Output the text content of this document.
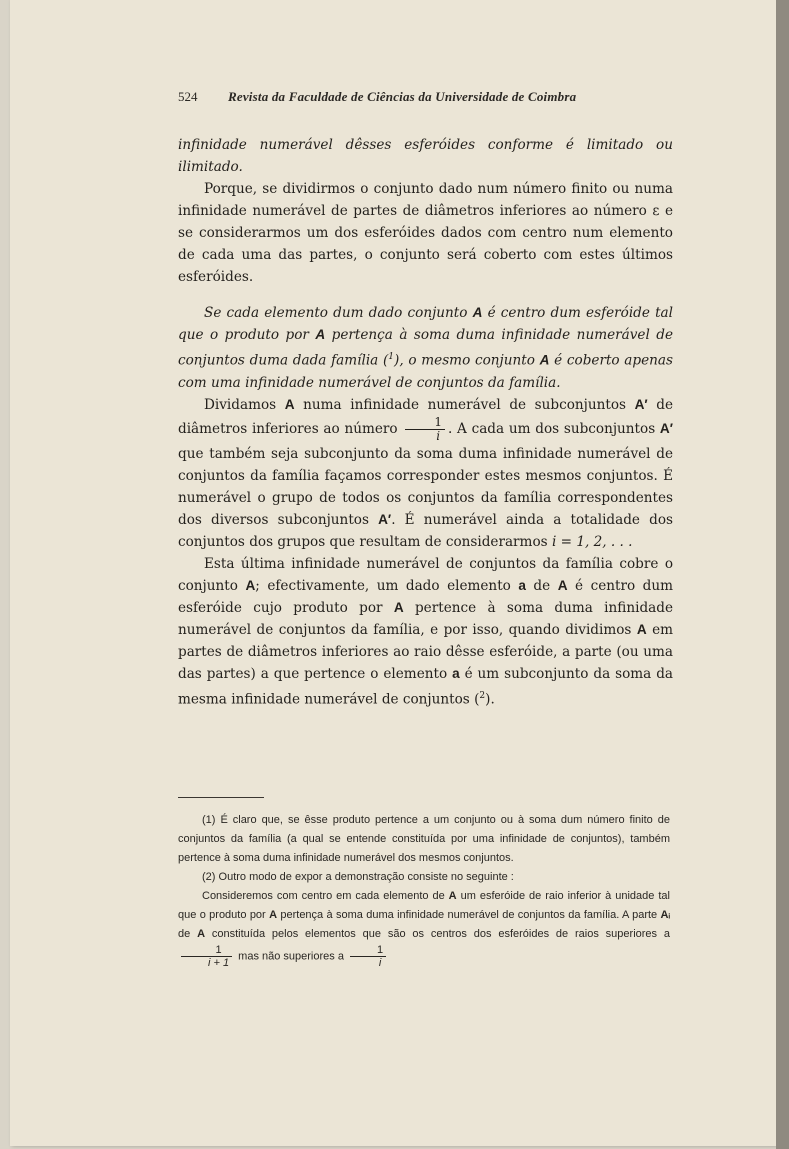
524 Revista da Faculdade de Ciências da Universidade de Coimbra

infinidade numerável dêsses esferóides conforme é limitado ou ilimitado.

Porque, se dividirmos o conjunto dado num número finito ou numa infinidade numerável de partes de diâmetros inferiores ao número ε e se considerarmos um dos esferóides dados com centro num elemento de cada uma das partes, o conjunto será coberto com estes últimos esferóides.

Se cada elemento dum dado conjunto A é centro dum esferóide tal que o produto por A pertença à soma duma infinidade numerável de conjuntos duma dada família ($^1$), o mesmo conjunto A é coberto apenas com uma infinidade numerável de conjuntos da família.

Dividamos A numa infinidade numerável de subconjuntos A′ de diâmetros inferiores ao número $\frac{1}{i}$ . A cada um dos subconjuntos A′ que também seja subconjunto da soma duma infinidade numerável de conjuntos da família façamos corresponder estes mesmos conjuntos. É numerável o grupo de todos os conjuntos da família correspondentes dos diversos subconjuntos A′. É numerável ainda a totalidade dos conjuntos dos grupos que resultam de considerarmos i = 1, 2, . . .

Esta última infinidade numerável de conjuntos da família cobre o conjunto A; efectivamente, um dado elemento a de A é centro dum esferóide cujo produto por A pertence à soma duma infinidade numerável de conjuntos da família, e por isso, quando dividimos A em partes de diâmetros inferiores ao raio dêsse esferóide, a parte (ou uma das partes) a que pertence o elemento a é um subconjunto da soma da mesma infinidade numerável de conjuntos ($^2$).

(1) É claro que, se êsse produto pertence a um conjunto ou à soma dum número finito de conjuntos da família (a qual se entende constituída por uma infinidade de conjuntos), também pertence à soma duma infinidade numerável dos mesmos conjuntos.

(2) Outro modo de expor a demonstração consiste no seguinte :

Consideremos com centro em cada elemento de A um esferóide de raio inferior à unidade tal que o produto por A pertença à soma duma infinidade numerável de conjuntos da família. A parte Aᵢ de A constituída pelos elementos que são os centros dos esferóides de raios superiores a
$\frac{1}{i + 1}$ mas não superiores a $\frac{1}{i}$
